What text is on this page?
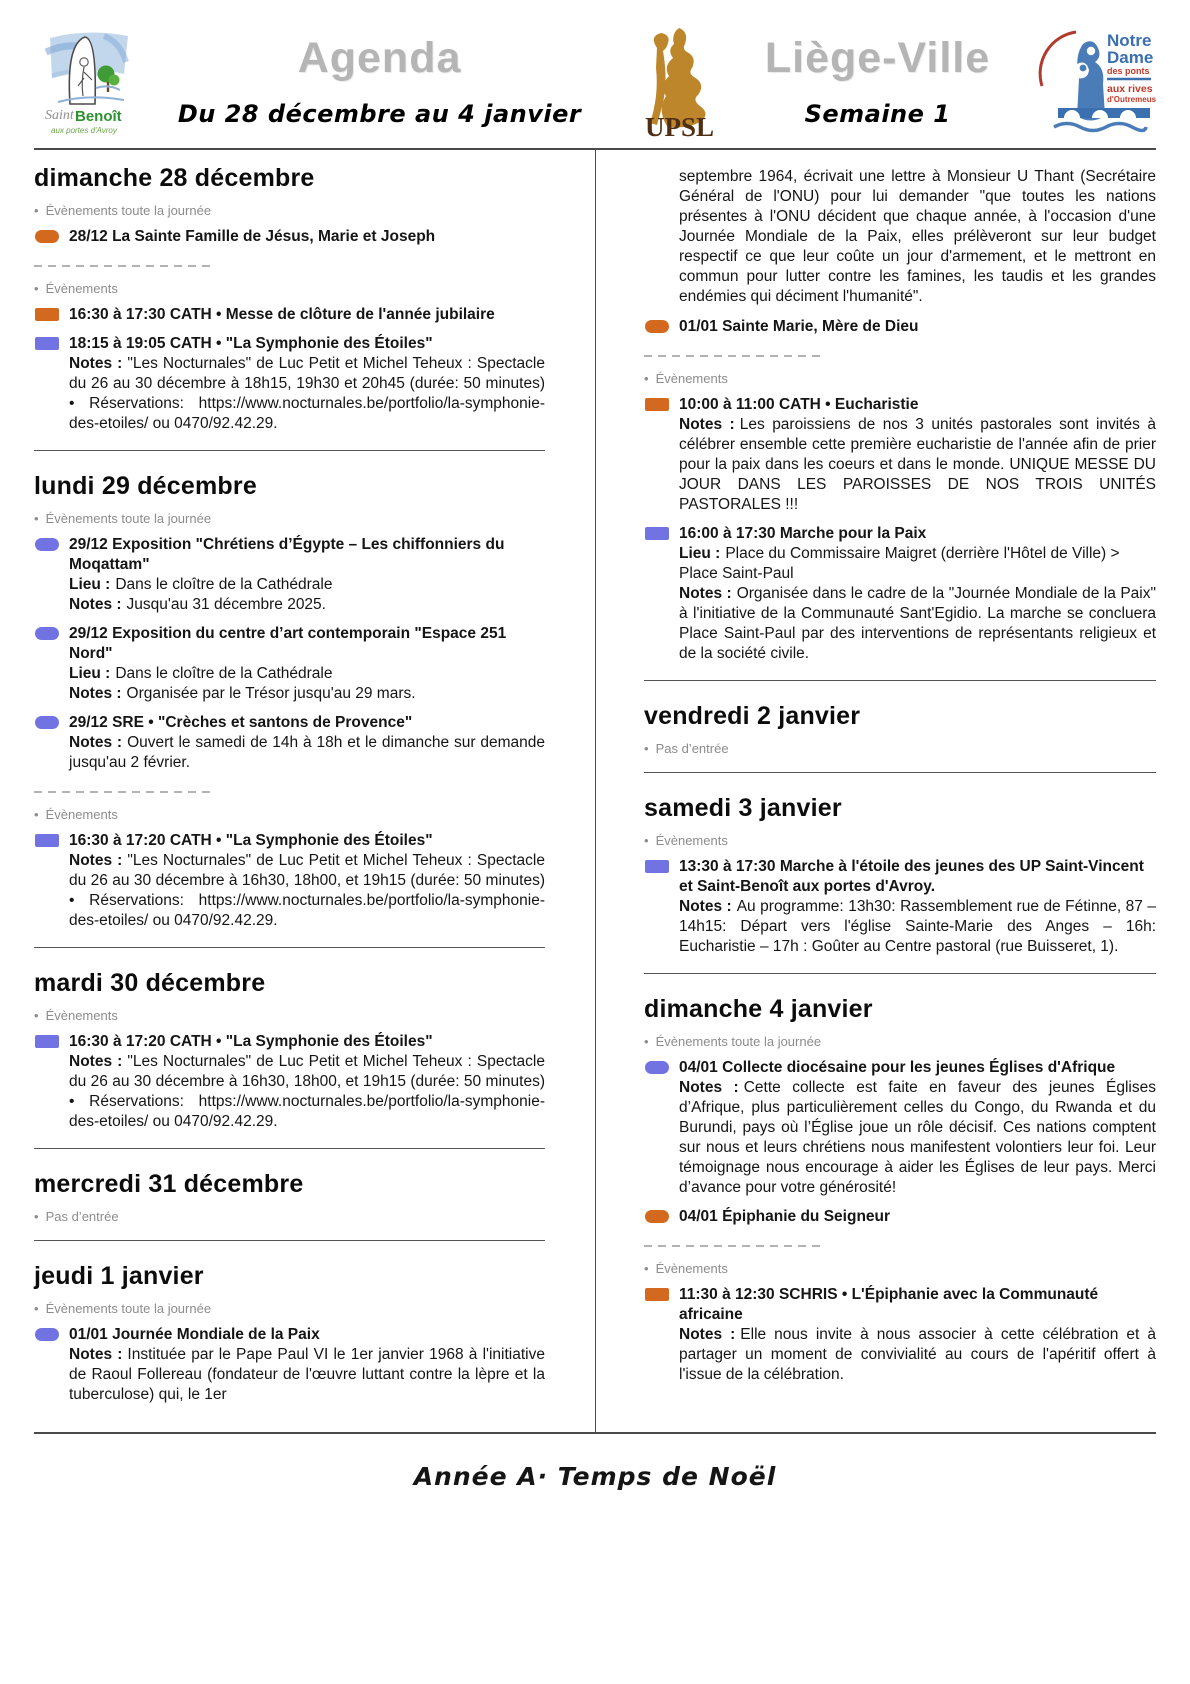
Saint Benoît
aux portes d'Avroy
Agenda
Du 28 décembre au 4 janvier	UPSL
Liège-Ville
Semaine 1
Notre
Dame
des ponts
aux rives
d'Outremeuse
dimanche 28 décembre
• Évènements toute la journée
28/12 La Sainte Famille de Jésus, Marie et Joseph
• Évènements
16:30 à 17:30 CATH • Messe de clôture de l'année jubilaire
18:15 à 19:05 CATH • "La Symphonie des Étoiles"
Notes : "Les Nocturnales" de Luc Petit et Michel Teheux : Spectacle du 26 au 30 décembre à 18h15, 19h30 et 20h45 (durée: 50 minutes) • Réservations: https://www.nocturnales.be/portfolio/la-symphonie-des-etoiles/ ou 0470/92.42.29.
lundi 29 décembre
• Évènements toute la journée
29/12 Exposition "Chrétiens d’Égypte – Les chiffonniers du Moqattam"
Lieu : Dans le cloître de la Cathédrale
Notes : Jusqu'au 31 décembre 2025.
29/12 Exposition du centre d’art contemporain "Espace 251 Nord"
Lieu : Dans le cloître de la Cathédrale
Notes : Organisée par le Trésor jusqu'au 29 mars.
29/12 SRE • "Crèches et santons de Provence"
Notes : Ouvert le samedi de 14h à 18h et le dimanche sur demande jusqu'au 2 février.
• Évènements
16:30 à 17:20 CATH • "La Symphonie des Étoiles"
Notes : "Les Nocturnales" de Luc Petit et Michel Teheux : Spectacle du 26 au 30 décembre à 16h30, 18h00, et 19h15 (durée: 50 minutes) • Réservations: https://www.nocturnales.be/portfolio/la-symphonie-des-etoiles/ ou 0470/92.42.29.
mardi 30 décembre
• Évènements
16:30 à 17:20 CATH • "La Symphonie des Étoiles"
Notes : "Les Nocturnales" de Luc Petit et Michel Teheux : Spectacle du 26 au 30 décembre à 16h30, 18h00, et 19h15 (durée: 50 minutes) • Réservations: https://www.nocturnales.be/portfolio/la-symphonie-des-etoiles/ ou 0470/92.42.29.
mercredi 31 décembre
• Pas d’entrée
jeudi 1 janvier
• Évènements toute la journée
01/01 Journée Mondiale de la Paix
Notes : Instituée par le Pape Paul VI le 1er janvier 1968 à l'initiative de Raoul Follereau (fondateur de l'œuvre luttant contre la lèpre et la tuberculose) qui, le 1er
septembre 1964, écrivait une lettre à Monsieur U Thant (Secrétaire Général de l'ONU) pour lui demander "que toutes les nations présentes à l'ONU décident que chaque année, à l'occasion d'une Journée Mondiale de la Paix, elles prélèveront sur leur budget respectif ce que leur coûte un jour d'armement, et le mettront en commun pour lutter contre les famines, les taudis et les grandes endémies qui déciment l'humanité".
01/01 Sainte Marie, Mère de Dieu
• Évènements
10:00 à 11:00 CATH • Eucharistie
Notes : Les paroissiens de nos 3 unités pastorales sont invités à célébrer ensemble cette première eucharistie de l'année afin de prier pour la paix dans les coeurs et dans le monde. UNIQUE MESSE DU JOUR DANS LES PAROISSES DE NOS TROIS UNITÉS PASTORALES !!!
16:00 à 17:30 Marche pour la Paix
Lieu : Place du Commissaire Maigret (derrière l'Hôtel de Ville) > Place Saint-Paul
Notes : Organisée dans le cadre de la "Journée Mondiale de la Paix" à l'initiative de la Communauté Sant'Egidio. La marche se concluera Place Saint-Paul par des interventions de représentants religieux et de la société civile.
vendredi 2 janvier
• Pas d’entrée
samedi 3 janvier
• Évènements
13:30 à 17:30 Marche à l'étoile des jeunes des UP Saint-Vincent et Saint-Benoît aux portes d'Avroy.
Notes : Au programme: 13h30: Rassemblement rue de Fétinne, 87 – 14h15: Départ vers l'église Sainte-Marie des Anges – 16h: Eucharistie – 17h : Goûter au Centre pastoral (rue Buisseret, 1).
dimanche 4 janvier
• Évènements toute la journée
04/01 Collecte diocésaine pour les jeunes Églises d'Afrique
Notes : Cette collecte est faite en faveur des jeunes Églises d’Afrique, plus particulièrement celles du Congo, du Rwanda et du Burundi, pays où l’Église joue un rôle décisif. Ces nations comptent sur nous et leurs chrétiens nous manifestent volontiers leur foi. Leur témoignage nous encourage à aider les Églises de leur pays. Merci d’avance pour votre générosité!
04/01 Épiphanie du Seigneur
• Évènements
11:30 à 12:30 SCHRIS • L'Épiphanie avec la Communauté africaine
Notes : Elle nous invite à nous associer à cette célébration et à partager un moment de convivialité au cours de l'apéritif offert à l'issue de la célébration.
Année A· Temps de Noël
